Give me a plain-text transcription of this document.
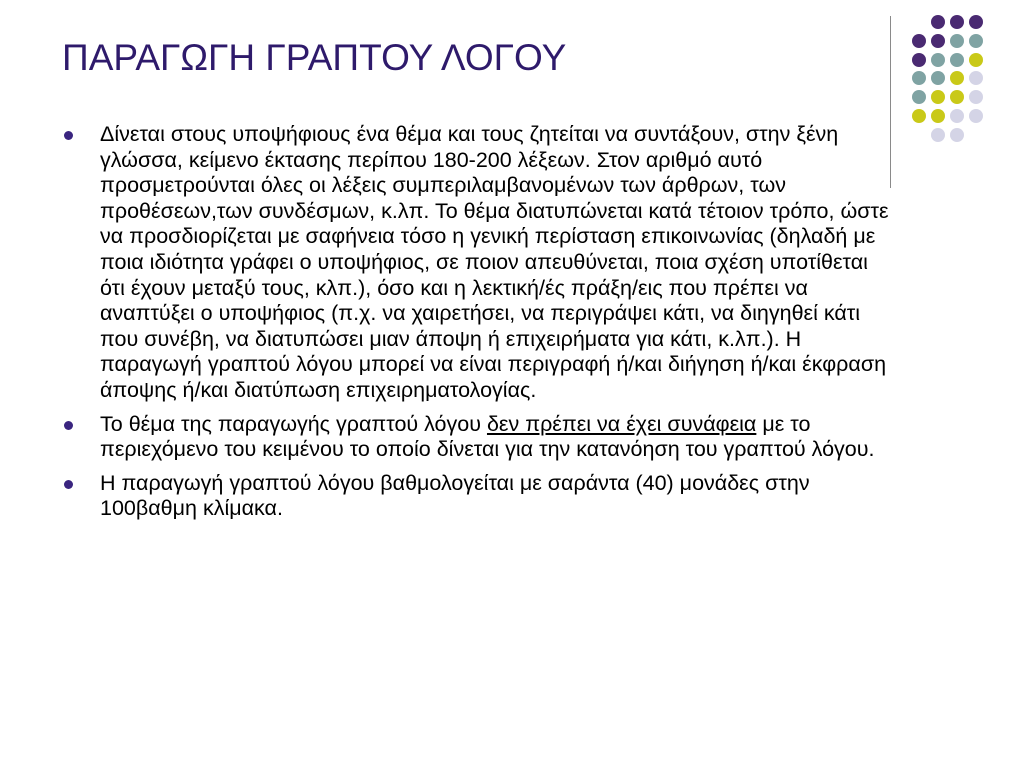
ΠΑΡΑΓΩΓΗ ΓΡΑΠΤΟΥ ΛΟΓΟΥ
Δίνεται στους υποψήφιους ένα θέμα και τους ζητείται να συντάξουν, στην ξένη γλώσσα, κείμενο έκτασης περίπου 180-200 λέξεων. Στον αριθμό αυτό προσμετρούνται όλες οι λέξεις συμπεριλαμβανομένων των άρθρων, των προθέσεων,των συνδέσμων, κ.λπ. Το θέμα διατυπώνεται κατά τέτοιον τρόπο, ώστε να προσδιορίζεται με σαφήνεια τόσο η γενική περίσταση επικοινωνίας (δηλαδή με ποια ιδιότητα γράφει ο υποψήφιος, σε ποιον απευθύνεται, ποια σχέση υποτίθεται ότι έχουν μεταξύ τους, κλπ.), όσο και η λεκτική/ές πράξη/εις που πρέπει να αναπτύξει ο υποψήφιος (π.χ. να χαιρετήσει, να περιγράψει κάτι, να διηγηθεί κάτι που συνέβη, να διατυπώσει μιαν άποψη ή επιχειρήματα για κάτι, κ.λπ.). Η παραγωγή γραπτού λόγου μπορεί να είναι περιγραφή ή/και διήγηση ή/και έκφραση άποψης ή/και διατύπωση επιχειρηματολογίας.
Το θέμα της παραγωγής γραπτού λόγου δεν πρέπει να έχει συνάφεια με το περιεχόμενο του κειμένου το οποίο δίνεται για την κατανόηση του γραπτού λόγου.
Η παραγωγή γραπτού λόγου βαθμολογείται με σαράντα (40) μονάδες στην 100βαθμη κλίμακα.
